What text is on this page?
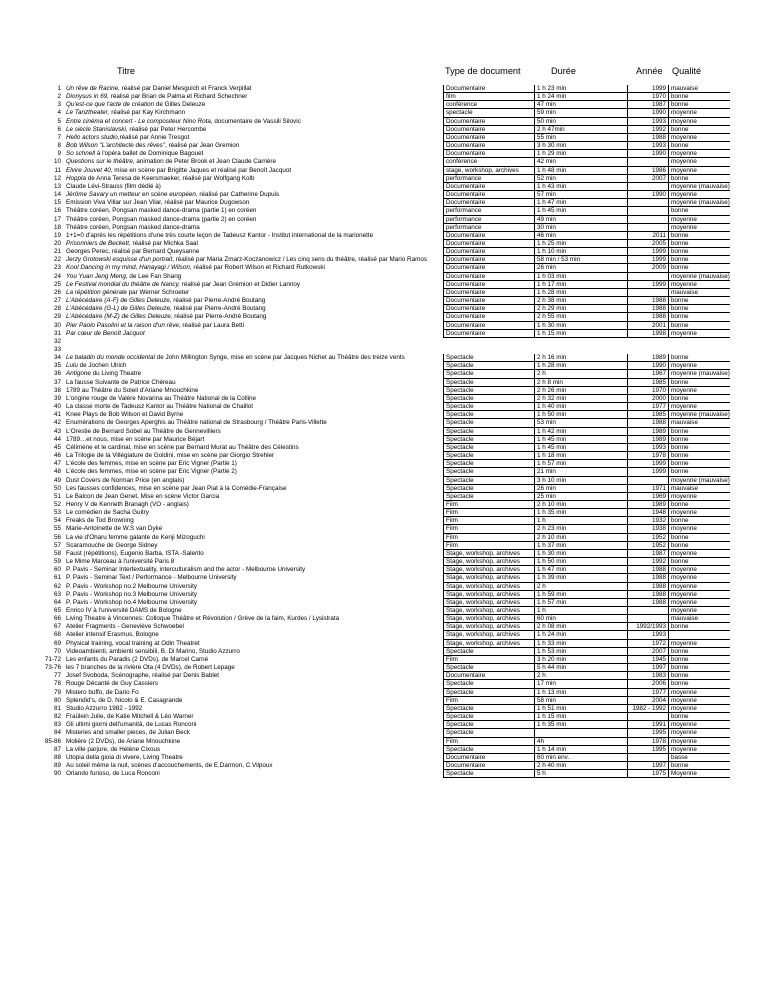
Titre	Type de document	Durée	Année Qualité
1 Un rêve de Racine, réalisé par Daniel Mesguich et Franck Verpillat	Documentaire	1 h 23 min	1999 mauvaise
2 Dionysus in 69, réalisé par Brian de Palma et Richard Schechner	film	1 h 24 min	1970 bonne
3 Qu'est-ce que l'acte de création de Gilles Deleuze	conférence	47 min	1987 bonne
4 Le Tanztheater, réalisé par Kay Kirchmann	spectacle	59 min	1990 moyenne
5 Entre cinéma et concert - Le compositeur Nino Rota, documentaire de Vassili Silovic	Documentaire	50 min	1993 moyenne
6 Le siècle Stanislavski, réalisé par Peter Hercombe	Documentaire	2 h 47min	1992 bonne
7 Hello actors studio,réalisé par Annie Tresgot	Documentaire	55 min	1988 moyenne
8 Bob Wilson "L'architecte des rêves", réalisé par Jean Gremion	Documentaire	3 h 30 min	1993 bonne
9 So schnell à l'opéra ballet de Dominique Bagouet	Documentaire	1 h 29 min	1990 moyenne
10 Questions sur le théâtre, animation de Peter Brook et Jean Claude Carrière	conférence	42 min	moyenne
11 Elvire Jouvet 40, mise en scène par Brigitte Jaques et réalisé par Benoît Jacquot	stage, workshop, archives	1 h 48 min	1986 moyenne
12 Hoppla de Anna Teresa de Keersmaeker, réalisé par Wolfgang Kolb	performance	52 min	2007 bonne
13 Claude Lévi-Strauss (film dédié à)	Documentaire	1 h 43 min	moyenne (mauvaise)
14 Jérôme Savary un metteur en scène européen, réalisé par Catherine Dupuis	Documentaire	57 min	1990 moyenne
15 Emission Viva Villar sur Jean Vilar, réalisé par Maurice Dugowson	Documentaire	1 h 47 min	moyenne (mauvaise)
16 Théâtre coréen, Pongsan masked dance-drama (partie 1) en coréen	performance	1 h 45 min	bonne
17 Théâtre coréen, Pongsan masked dance-drama (partie 2) en coréen	performance	49 min	moyenne
18 Théâtre coréen, Pongsan masked dance-drama	performance	30 min	moyenne
19 1+1=0 d'après les répétitions d'une très courte leçon de Tadeusz Kantor - Institut international de la marionette	Documentaire	46 min	2011 bonne
20 Prisonniers de Beckett, réalisé par Michka Saal	Documentaire	1 h 25 min	2005 bonne
21 Georges Perec, réalisé par Bernard Queysanne	Documentaire	1 h 10 min	1999 bonne
22 Jerzy Grotowski esquisse d'un portrait, réalisé par Maria Zmarz-Koczanowicz / Les cinq sens du théâtre, réalisé par Mario Ramos	Documentaire	58 min / 53 min	1999 bonne
23 Kool Dancing in my mind, Hanayagi / Wilson, réalisé par Robert Wilson et Richard Rutkowski	Documentaire	26 min	2009 bonne
24 You Yuan Jeng Meng, de Lee Fan Shang	Documentaire	1 h 03 min	moyenne (mauvaise)
25 Le Festival mondial du théâtre de Nancy, réalisé par Jean Grémion et Didier Lannoy	Documentaire	1 h 17 min	1999 moyenne
26 La répétition générale par Werner Schroeter	Documentaire	1 h 28 min	mauvaise
27 L'Abécédaire (A-F) de Gilles Deleuze, réalisé par Pierre-André Boutang	Documentaire	2 h 38 min	1988 bonne
28 L'Abécédaire (G-L) de Gilles Deleuze, réalisé par Pierre-André Boutang	Documentaire	2 h 29 min	1988 bonne
29 L'Abécédaire (M-Z) de Gilles Deleuze, réalisé par Pierre-André Boutang	Documentaire	2 h 55 min	1988 bonne
30 Pier Paolo Pasolini et la raison d'un rêve, réalisé par Laura Betti	Documentaire	1 h 30 min	2001 bonne
31 Par cœur de Benoît Jacquot	Documentaire	1 h 15 min	1998 moyenne
32
33
34 Le baladin du monde occidental de John Millington Synge, mise en scène par Jacques Nichet au Théâtre des treize vents	Spectacle	2 h 16 min	1989 bonne
35 Lulu de Jochen Ulrich	Spectacle	1 h 28 min	1990 moyenne
36 Antigone du Living Theatre	Spectacle	2 h	1967 moyenne (mauvaise)
37 La fausse Suivante de Patrice Chéreau	Spectacle	2 h 8 min	1985 bonne
38 1789 au Théâtre du Soleil d'Ariane Mnouchkine	Spectacle	2 h 26 min	1970 moyenne
39 L'origine rouge de Valère Novarina au Théâtre National de la Colline	Spectacle	2 h 32 min	2000 bonne
40 La classe morte de Tadeusz Kantor au Théâtre National de Chaillot	Spectacle	1 h 40 min	1977 moyenne
41 Knee Plays de Bob Wilson et David Byrne	Spectacle	1 h 50 min	1985 moyenne (mauvaise)
42 Enumérations de Georges Aperghis au Théâtre national de Strasbourg / Théâtre Paris-Villette	Spectacle	53 min	1988 mauvaise
43 L'Orestie de Bernard Sobel au Théâtre de Gennevilliers	Spectacle	1 h 42 min	1989 bonne
44 1789…et nous, mise en scène par Maurice Béjart	Spectacle	1 h 45 min	1989 bonne
45 Célimène et le cardinal, mise en scène par Bernard Murat au Théâtre des Célestins	Spectacle	1 h 45 min	1993 bonne
46 La Trilogie de la Villégiature de Goldini, mise en scène par Giorgio Strehler	Spectacle	1 h 18 min	1978 bonne
47 L'école des femmes, mise en scène par Eric Vigner (Partie 1)	Spectacle	1 h 57 min	1999 bonne
48 L'école des femmes, mise en scène par Eric Vigner (Partie 2)	Spectacle	21 min	1999 bonne
49 Dust Covers de Norman Price (en anglais)	Spectacle	3 h 10 min	moyenne (mauvaise)
50 Les fausses confidences, mise en scène par Jean Piat à la Comédie-Française	Spectacle	26 min	1971 mauvaise
51 Le Balcon de Jean Genet, Mise en scène Victor Garcia	Spectacle	25 min	1969 moyenne
52 Henry V de Kenneth Branagh (VO - anglais)	Film	2 h 10 min	1989 bonne
53 Le comédien de Sacha Guitry	Film	1 h 35 min	1948 moyenne
54 Freaks de Tod Browning	Film	1 h	1932 bonne
55 Marie-Antoinette de W.S van Dyke	Film	2 h 23 min	1938 moyenne
56 La vie d'Oharu femme galante de Kenji Mizoguchi	Film	2 h 10 min	1952 bonne
57 Scaramouche de George Sidney	Film	1 h 37 min	1952 bonne
58 Faust (répétitions), Eugenio Barba, ISTA -Salerito	Stage, workshop, archives	1 h 30 min	1987 moyenne
59 Le Mime Marceau à l'université Paris 8	Stage, workshop, archives	1 h 50 min	1992 bonne
60 P. Pavis - Seminar Intertextuality, interculturalism and the actor - Melbourne University	Stage, workshop, archives	1 h 47 min	1988 moyenne
61 P. Pavis - Seminar Text / Performance - Melbourne University	Stage, workshop, archives	1 h 39 min	1988 moyenne
62 P. Pavis - Workshop no.2 Melbourne University	Stage, workshop, archives	2 h	1988 moyenne
63 P. Pavis - Workshop no.3 Melbourne University	Stage, workshop, archives	1 h 59 min	1988 moyenne
64 P. Pavis - Workshop no.4 Melbourne University	Stage, workshop, archives	1 h 57 min	1988 moyenne
65 Enrico IV à l'université DAMS de Bologne	Stage, workshop, archives	1 h	moyenne
66 Living Theatre à Vincennes: Colloque Théâtre et Révolution / Grève de la faim, Kurdes / Lysistrata	Stage, workshop, archives	60 min	mauvaise
67 Atelier Fragments - Geneviève Schwoebel	Stage, workshop, archives	2 h 08 min	1992/1993 bonne
68 Atelier intensif Erasmus, Bologne	Stage, workshop, archives	1 h 24 min	1993
69 Physical training, vocal training at Odin Theatret	Stage, workshop, archives	1 h 33 min	1972 moyenne
70 Videoambienti, ambienti sensibili, B. Di Marino, Studio Azzurro	Spectacle	1 h 53 min	2007 bonne
71-72 Les enfants du Paradis (2 DVDs), de Marcel Carné	Film	3 h 20 min	1945 bonne
73-76 les 7 branches de la rivière Ota (4 DVDs), de Robert Lepage	Spectacle	5 h 44 min	1997 bonne
77 Josef Svoboda, Scénographe, réalisé par Denis Bablet	Documentaire	2 h	1983 bonne
78 Rouge Décanté de Guy Cassiers	Spectacle	17 min	2006 bonne
79 Mistero buffo, de Dario Fo	Spectacle	1 h 13 min	1977 moyenne
80 Splendid's, de D. Nicolo & E. Casagrande	Film	58 min	2004 moyenne
81 Studio Azzurro 1982 - 1992	Spectacle	1 h 51 min	1982 - 1992 moyenne
82 Fraülein Julie, de Katie Mitchell & Léo Warner	Spectacle	1 h 15 min	bonne
83 Gli ultimi giorni dell'umanità, de Lucas Ronconi	Spectacle	1 h 35 min	1991 moyenne
84 Misteries and smaller pieces, de Julian Beck	Spectacle	1995 moyenne
85-86 Molière (2 DVDs), de Ariane Mnouchkine	Film	4h	1978 moyenne
87 La ville parjure, de Hélène Cixous	Spectacle	1 h 14 min	1995 moyenne
88 Utopia della gioia di vivere, Living Theatre	Documentaire	60 min env.	basse
89 Au soleil même la nuit, scènes d'accouchements, de E.Darmon, C.Vilpoux	Documentaire	2 h 40 min	1997 bonne
90 Orlando furioso, de Luca Ronconi	Spectacle	5 h	1975 Moyenne
